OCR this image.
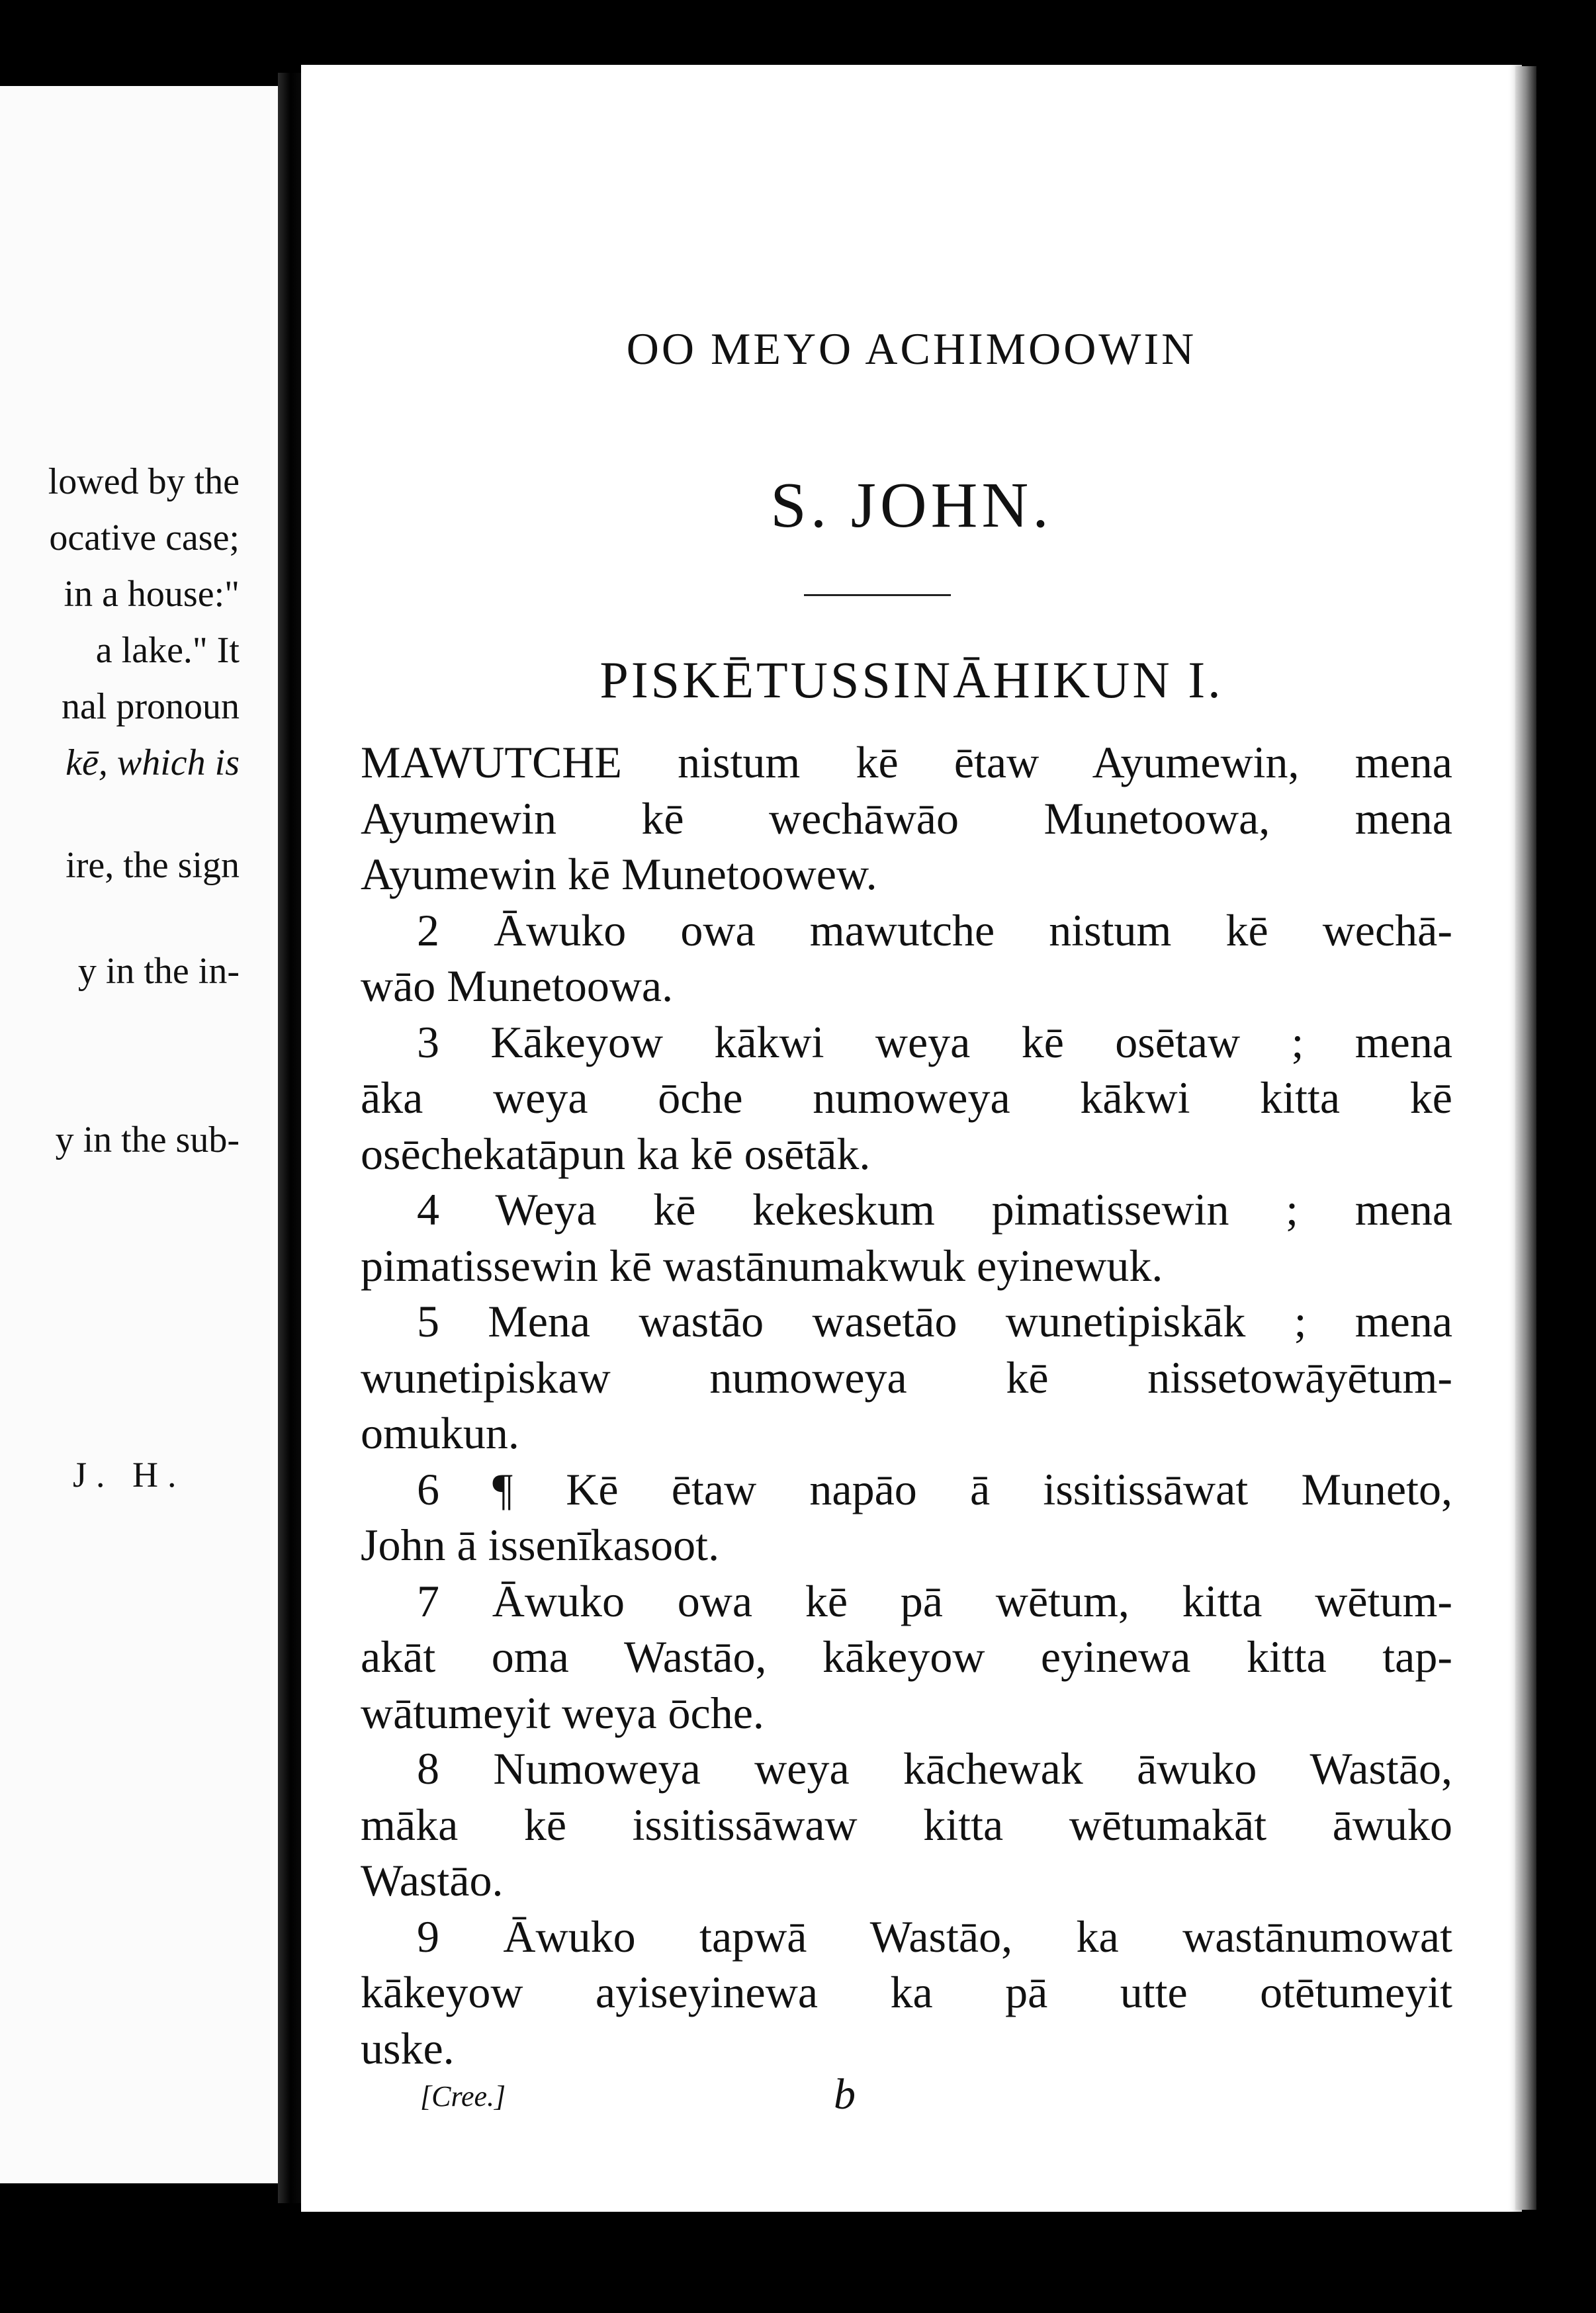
lowed by the
ocative case;
in a house:"
a lake." It
nal pronoun
kē, which is
ire, the sign
y in the in-
y in the sub-
J. H.
OO MEYO ACHIMOOWIN
S. JOHN.
PISKĒTUSSINĀHIKUN I.
MAWUTCHE nistum kē ētaw Ayumewin, mena
Ayumewin kē wechāwāo Munetoowa, mena
Ayumewin kē Munetoowew.
2 Āwuko owa mawutche nistum kē wechā-
wāo Munetoowa.
3 Kākeyow kākwi weya kē osētaw ; mena
āka weya ōche numoweya kākwi kitta kē
osēchekatāpun ka kē osētāk.
4 Weya kē kekeskum pimatissewin ; mena
pimatissewin kē wastānumakwuk eyinewuk.
5 Mena wastāo wasetāo wunetipiskāk ; mena
wunetipiskaw numoweya kē nissetowāyētum-
omukun.
6 ¶ Kē ētaw napāo ā issitissāwat Muneto,
John ā issenīkasoot.
7 Āwuko owa kē pā wētum, kitta wētum-
akāt oma Wastāo, kākeyow eyinewa kitta tap-
wātumeyit weya ōche.
8 Numoweya weya kāchewak āwuko Wastāo,
māka kē issitissāwaw kitta wētumakāt āwuko
Wastāo.
9 Āwuko tapwā Wastāo, ka wastānumowat
kākeyow ayiseyinewa ka pā utte otētumeyit
uske.
[Cree.]	b
